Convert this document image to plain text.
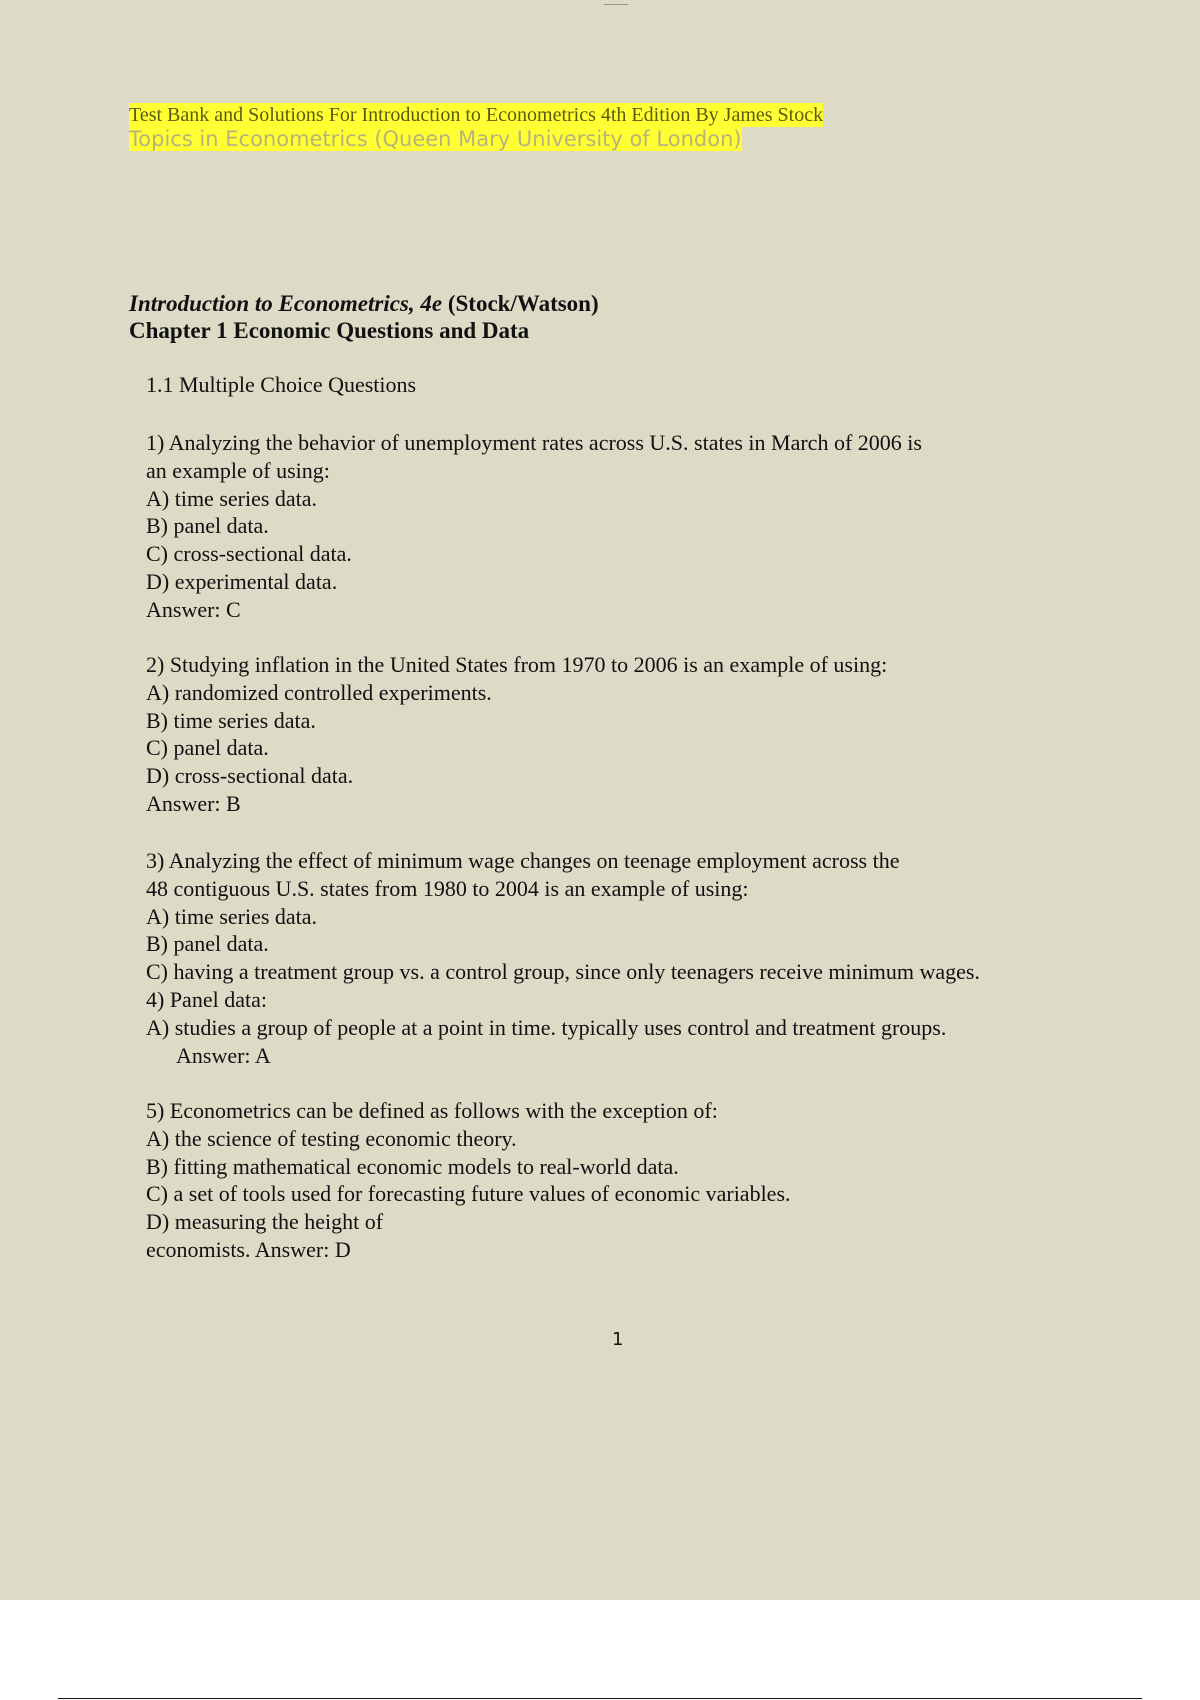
Test Bank and Solutions For Introduction to Econometrics 4th Edition By James Stock
Topics in Econometrics (Queen Mary University of London)
Introduction to Econometrics, 4e (Stock/Watson)
Chapter 1 Economic Questions and Data
1.1 Multiple Choice Questions
1) Analyzing the behavior of unemployment rates across U.S. states in March of 2006 is
an example of using:
A) time series data.
B) panel data.
C) cross-sectional data.
D) experimental data.
Answer: C
2) Studying inflation in the United States from 1970 to 2006 is an example of using:
A) randomized controlled experiments.
B) time series data.
C) panel data.
D) cross-sectional data.
Answer: B
3) Analyzing the effect of minimum wage changes on teenage employment across the
48 contiguous U.S. states from 1980 to 2004 is an example of using:
A) time series data.
B) panel data.
C) having a treatment group vs. a control group, since only teenagers receive minimum wages.
4) Panel data:
A) studies a group of people at a point in time. typically uses control and treatment groups.
Answer: A
5) Econometrics can be defined as follows with the exception of:
A) the science of testing economic theory.
B) fitting mathematical economic models to real-world data.
C) a set of tools used for forecasting future values of economic variables.
D) measuring the height of
economists. Answer: D
1
